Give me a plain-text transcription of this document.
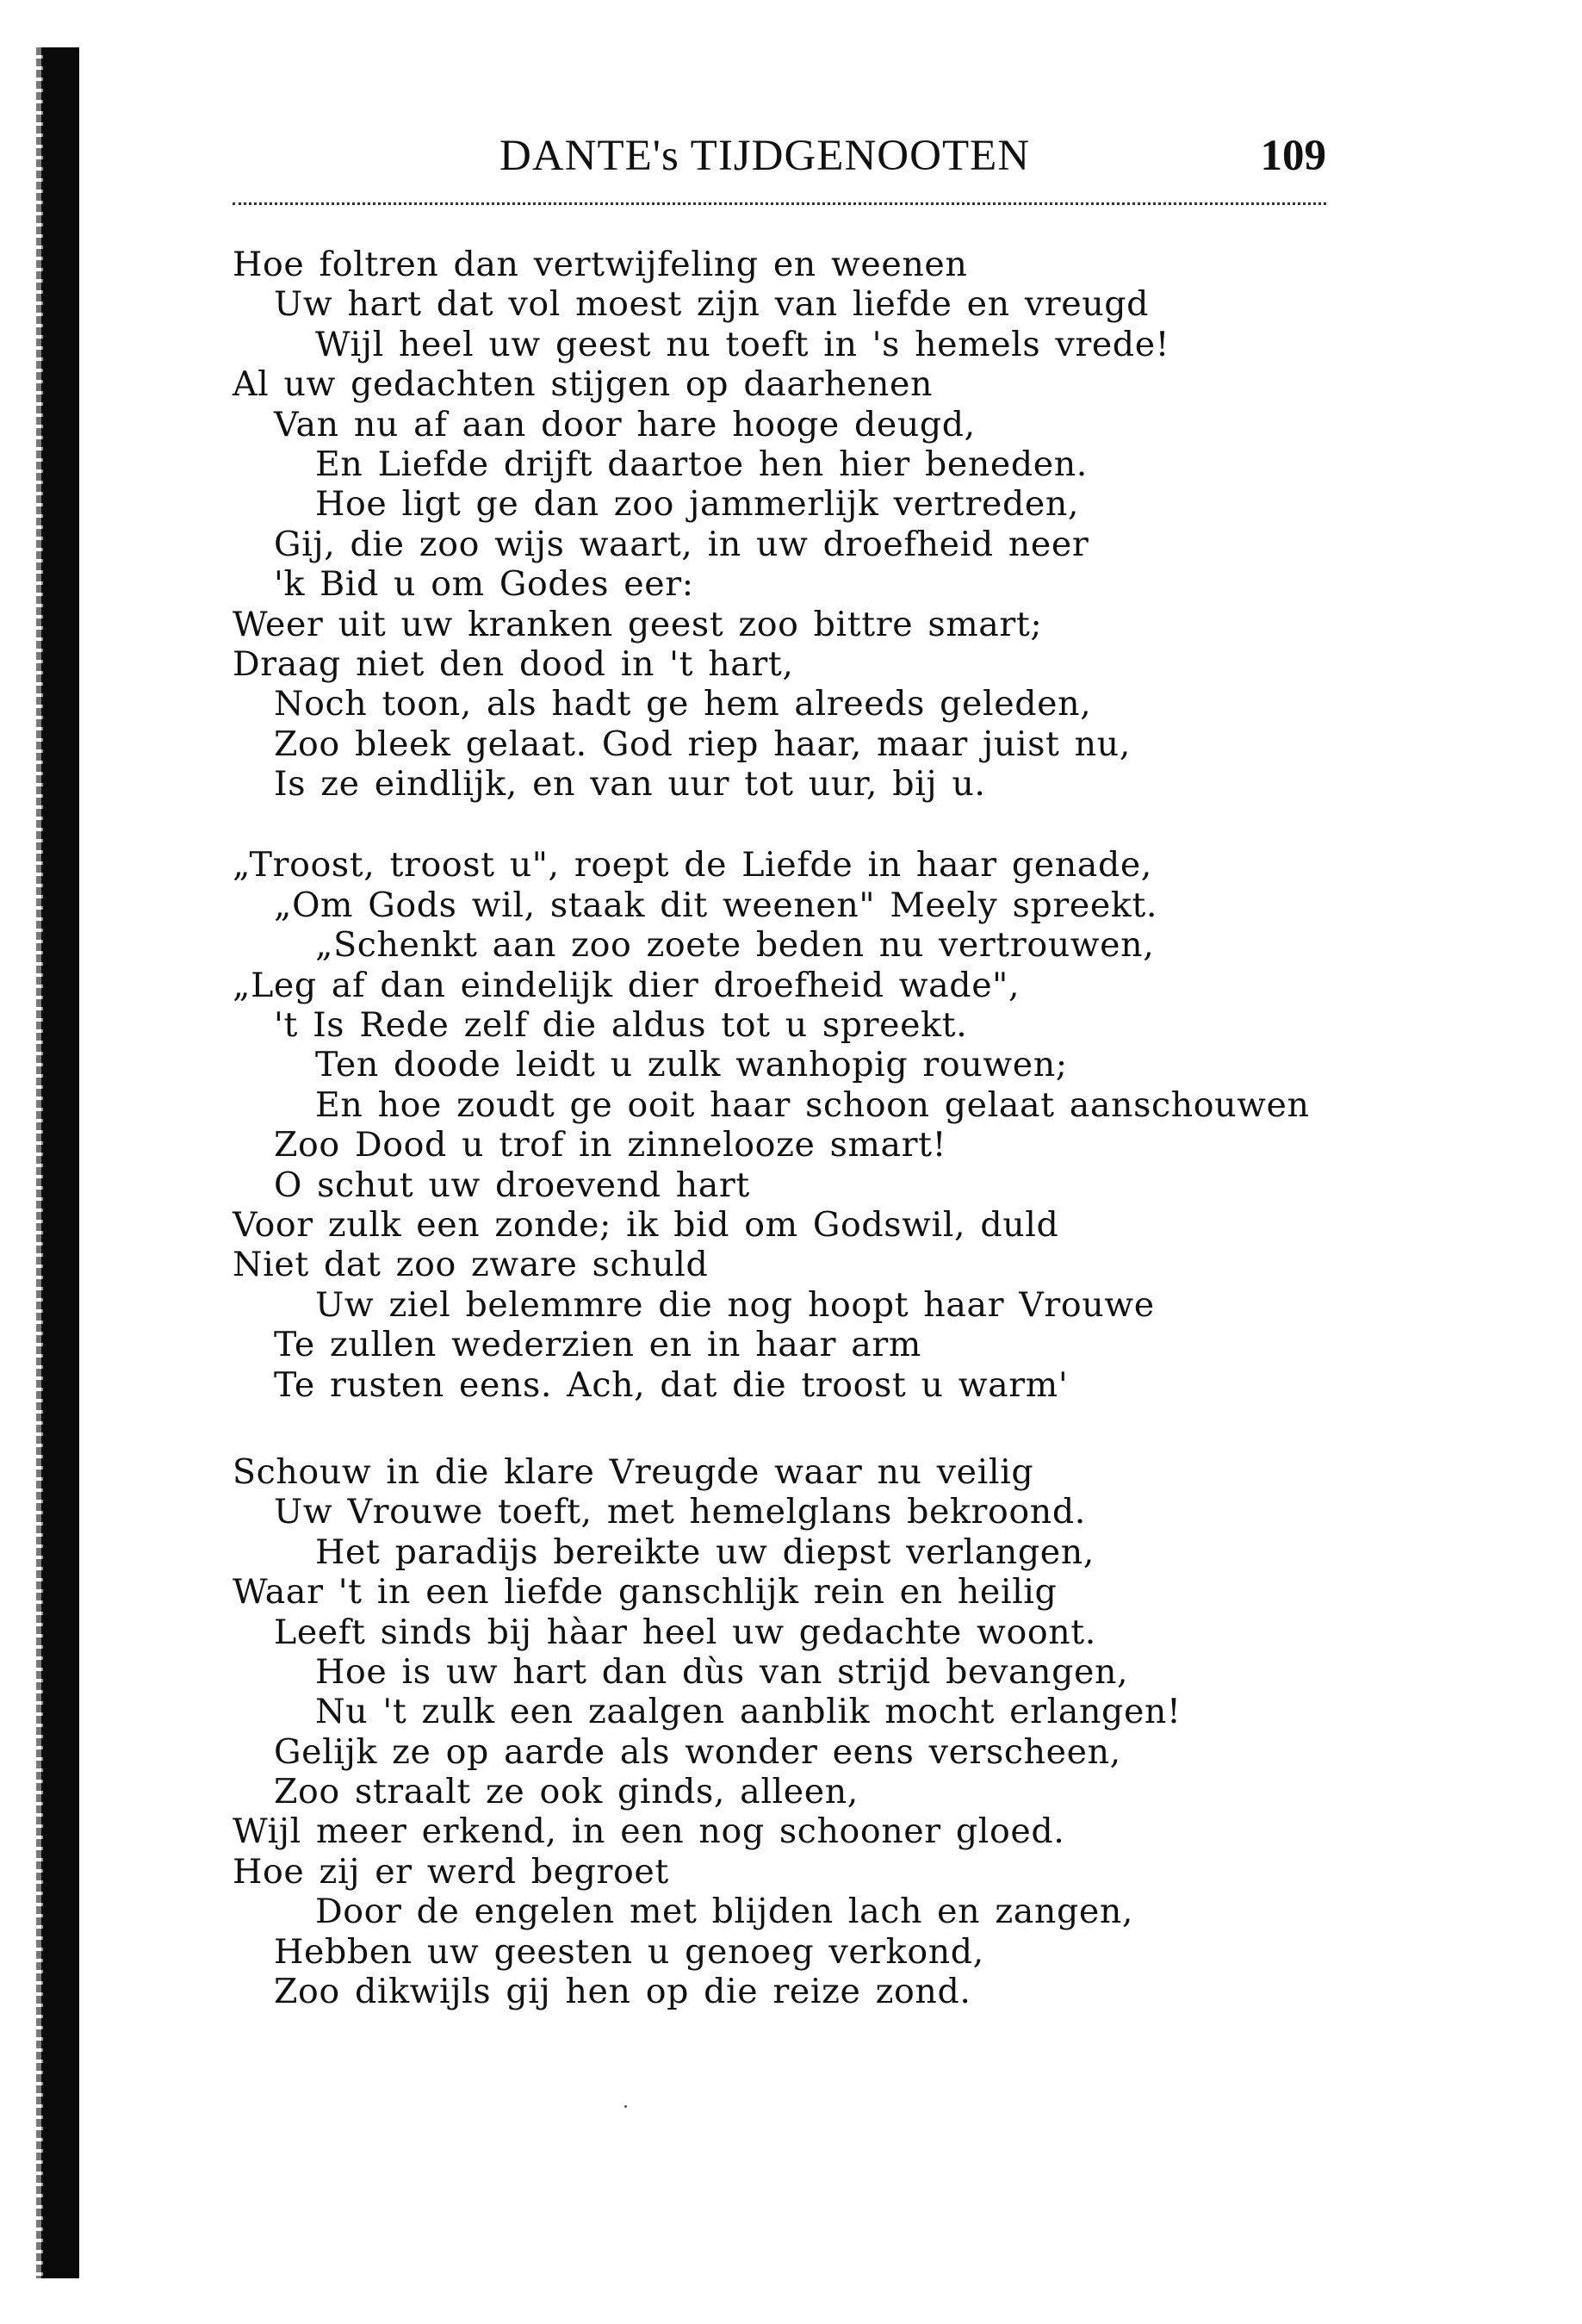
DANTE's TIJDGENOOTEN	109
Hoe foltren dan vertwijfeling en weenen
Uw hart dat vol moest zijn van liefde en vreugd
Wijl heel uw geest nu toeft in 's hemels vrede!
Al uw gedachten stijgen op daarhenen
Van nu af aan door hare hooge deugd,
En Liefde drijft daartoe hen hier beneden.
Hoe ligt ge dan zoo jammerlijk vertreden,
Gij, die zoo wijs waart, in uw droefheid neer
'k Bid u om Godes eer:
Weer uit uw kranken geest zoo bittre smart;
Draag niet den dood in 't hart,
Noch toon, als hadt ge hem alreeds geleden,
Zoo bleek gelaat. God riep haar, maar juist nu,
Is ze eindlijk, en van uur tot uur, bij u.
„Troost, troost u", roept de Liefde in haar genade,
„Om Gods wil, staak dit weenen" Meely spreekt.
„Schenkt aan zoo zoete beden nu vertrouwen,
„Leg af dan eindelijk dier droefheid wade",
't Is Rede zelf die aldus tot u spreekt.
Ten doode leidt u zulk wanhopig rouwen;
En hoe zoudt ge ooit haar schoon gelaat aanschouwen
Zoo Dood u trof in zinnelooze smart!
O schut uw droevend hart
Voor zulk een zonde; ik bid om Godswil, duld
Niet dat zoo zware schuld
Uw ziel belemmre die nog hoopt haar Vrouwe
Te zullen wederzien en in haar arm
Te rusten eens. Ach, dat die troost u warm'
Schouw in die klare Vreugde waar nu veilig
Uw Vrouwe toeft, met hemelglans bekroond.
Het paradijs bereikte uw diepst verlangen,
Waar 't in een liefde ganschlijk rein en heilig
Leeft sinds bij hàar heel uw gedachte woont.
Hoe is uw hart dan dùs van strijd bevangen,
Nu 't zulk een zaalgen aanblik mocht erlangen!
Gelijk ze op aarde als wonder eens verscheen,
Zoo straalt ze ook ginds, alleen,
Wijl meer erkend, in een nog schooner gloed.
Hoe zij er werd begroet
Door de engelen met blijden lach en zangen,
Hebben uw geesten u genoeg verkond,
Zoo dikwijls gij hen op die reize zond.
